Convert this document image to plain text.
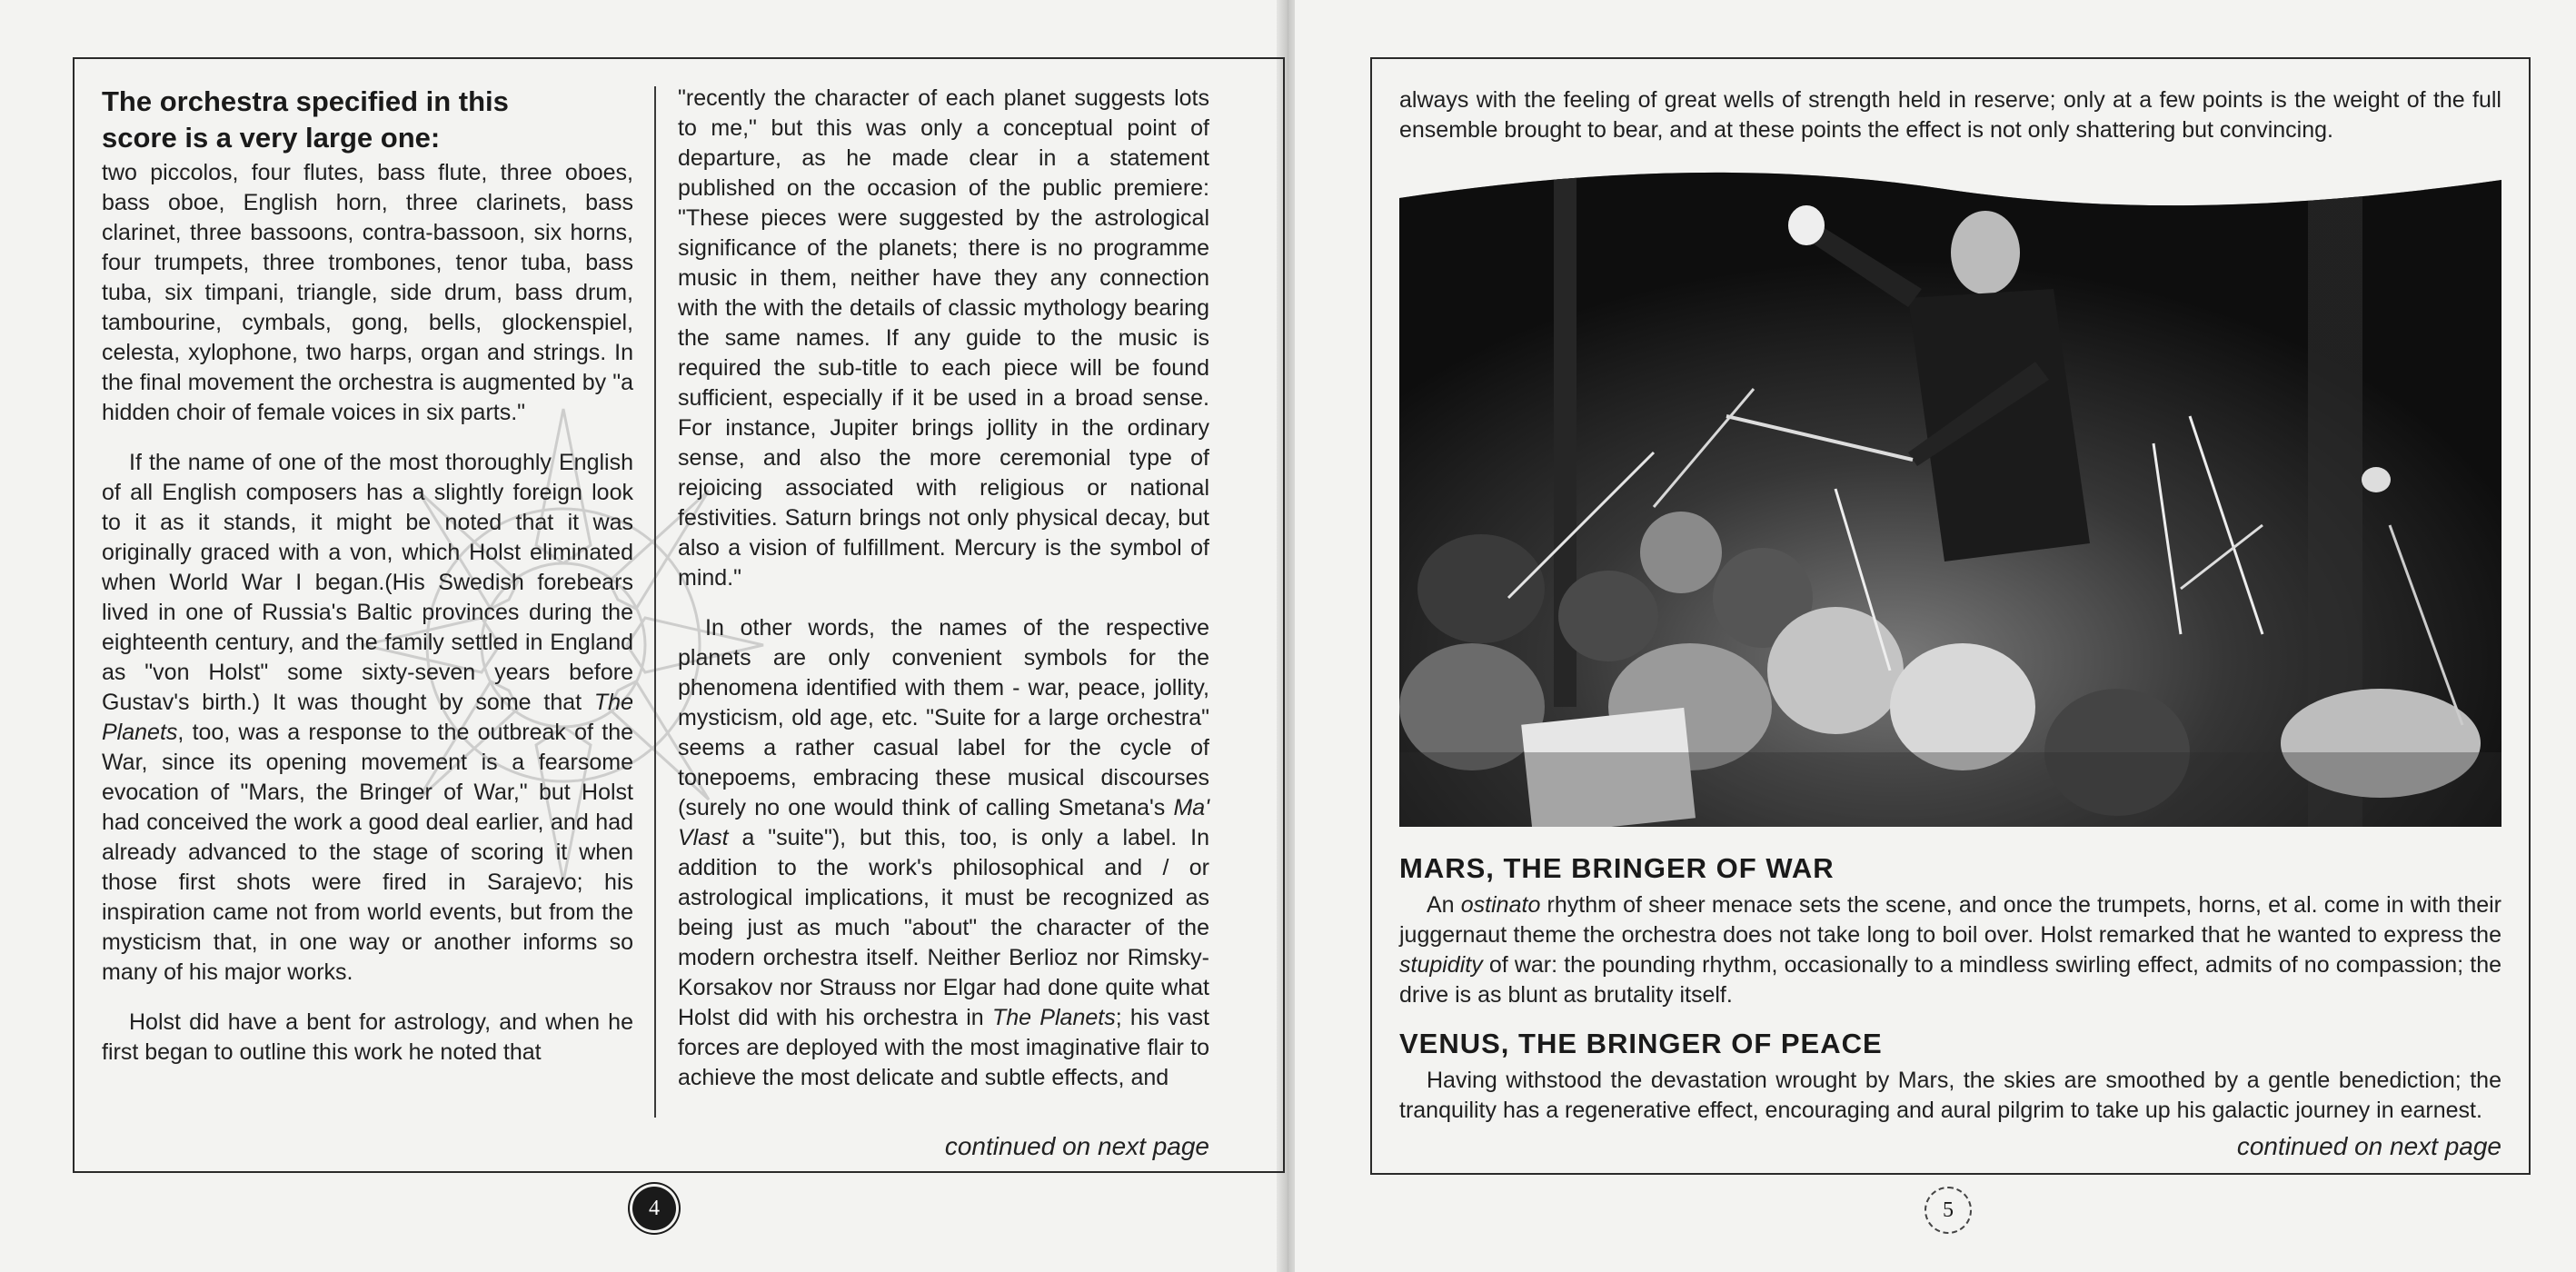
The orchestra specified in this
score is a very large one:

two piccolos, four flutes, bass flute, three oboes, bass oboe, English horn, three clarinets, bass clarinet, three bassoons, contra-bassoon, six horns, four trumpets, three trombones, tenor tuba, bass tuba, six timpani, triangle, side drum, bass drum, tambourine, cymbals, gong, bells, glockenspiel, celesta, xylophone, two harps, organ and strings. In the final movement the orchestra is augmented by "a hidden choir of female voices in six parts."

If the name of one of the most thoroughly English of all English composers has a slightly foreign look to it as it stands, it might be noted that it was originally graced with a von, which Holst eliminated when World War I began.(His Swedish forebears lived in one of Russia's Baltic provinces during the eighteenth century, and the family settled in England as "von Holst" some sixty-seven years before Gustav's birth.) It was thought by some that The Planets, too, was a response to the outbreak of the War, since its opening movement is a fearsome evocation of "Mars, the Bringer of War," but Holst had conceived the work a good deal earlier, and had already advanced to the stage of scoring it when those first shots were fired in Sarajevo; his inspiration came not from world events, but from the mysticism that, in one way or another informs so many of his major works.

Holst did have a bent for astrology, and when he first began to outline this work he noted that

"recently the character of each planet suggests lots to me," but this was only a conceptual point of departure, as he made clear in a statement published on the occasion of the public premiere: "These pieces were suggested by the astrological significance of the planets; there is no programme music in them, neither have they any connection with the with the details of classic mythology bearing the same names. If any guide to the music is required the sub-title to each piece will be found sufficient, especially if it be used in a broad sense. For instance, Jupiter brings jollity in the ordinary sense, and also the more ceremonial type of rejoicing associated with religious or national festivities. Saturn brings not only physical decay, but also a vision of fulfillment. Mercury is the symbol of mind."

In other words, the names of the respective planets are only convenient symbols for the phenomena identified with them - war, peace, jollity, mysticism, old age, etc. "Suite for a large orchestra" seems a rather casual label for the cycle of tonepoems, embracing these musical discourses (surely no one would think of calling Smetana's Ma' Vlast a "suite"), but this, too, is only a label. In addition to the work's philosophical and / or astrological implications, it must be recognized as being just as much "about" the character of the modern orchestra itself. Neither Berlioz nor Rimsky-Korsakov nor Strauss nor Elgar had done quite what Holst did with his orchestra in The Planets; his vast forces are deployed with the most imaginative flair to achieve the most delicate and subtle effects, and

continued on next page
4
always with the feeling of great wells of strength held in reserve; only at a few points is the weight of the full ensemble brought to bear, and at these points the effect is not only shattering but convincing.
MARS, THE BRINGER OF WAR
An ostinato rhythm of sheer menace sets the scene, and once the trumpets, horns, et al. come in with their juggernaut theme the orchestra does not take long to boil over. Holst remarked that he wanted to express the stupidity of war: the pounding rhythm, occasionally to a mindless swirling effect, admits of no compassion; the drive is as blunt as brutality itself.
VENUS, THE BRINGER OF PEACE
Having withstood the devastation wrought by Mars, the skies are smoothed by a gentle benediction; the tranquility has a regenerative effect, encouraging and aural pilgrim to take up his galactic journey in earnest.
continued on next page
5
